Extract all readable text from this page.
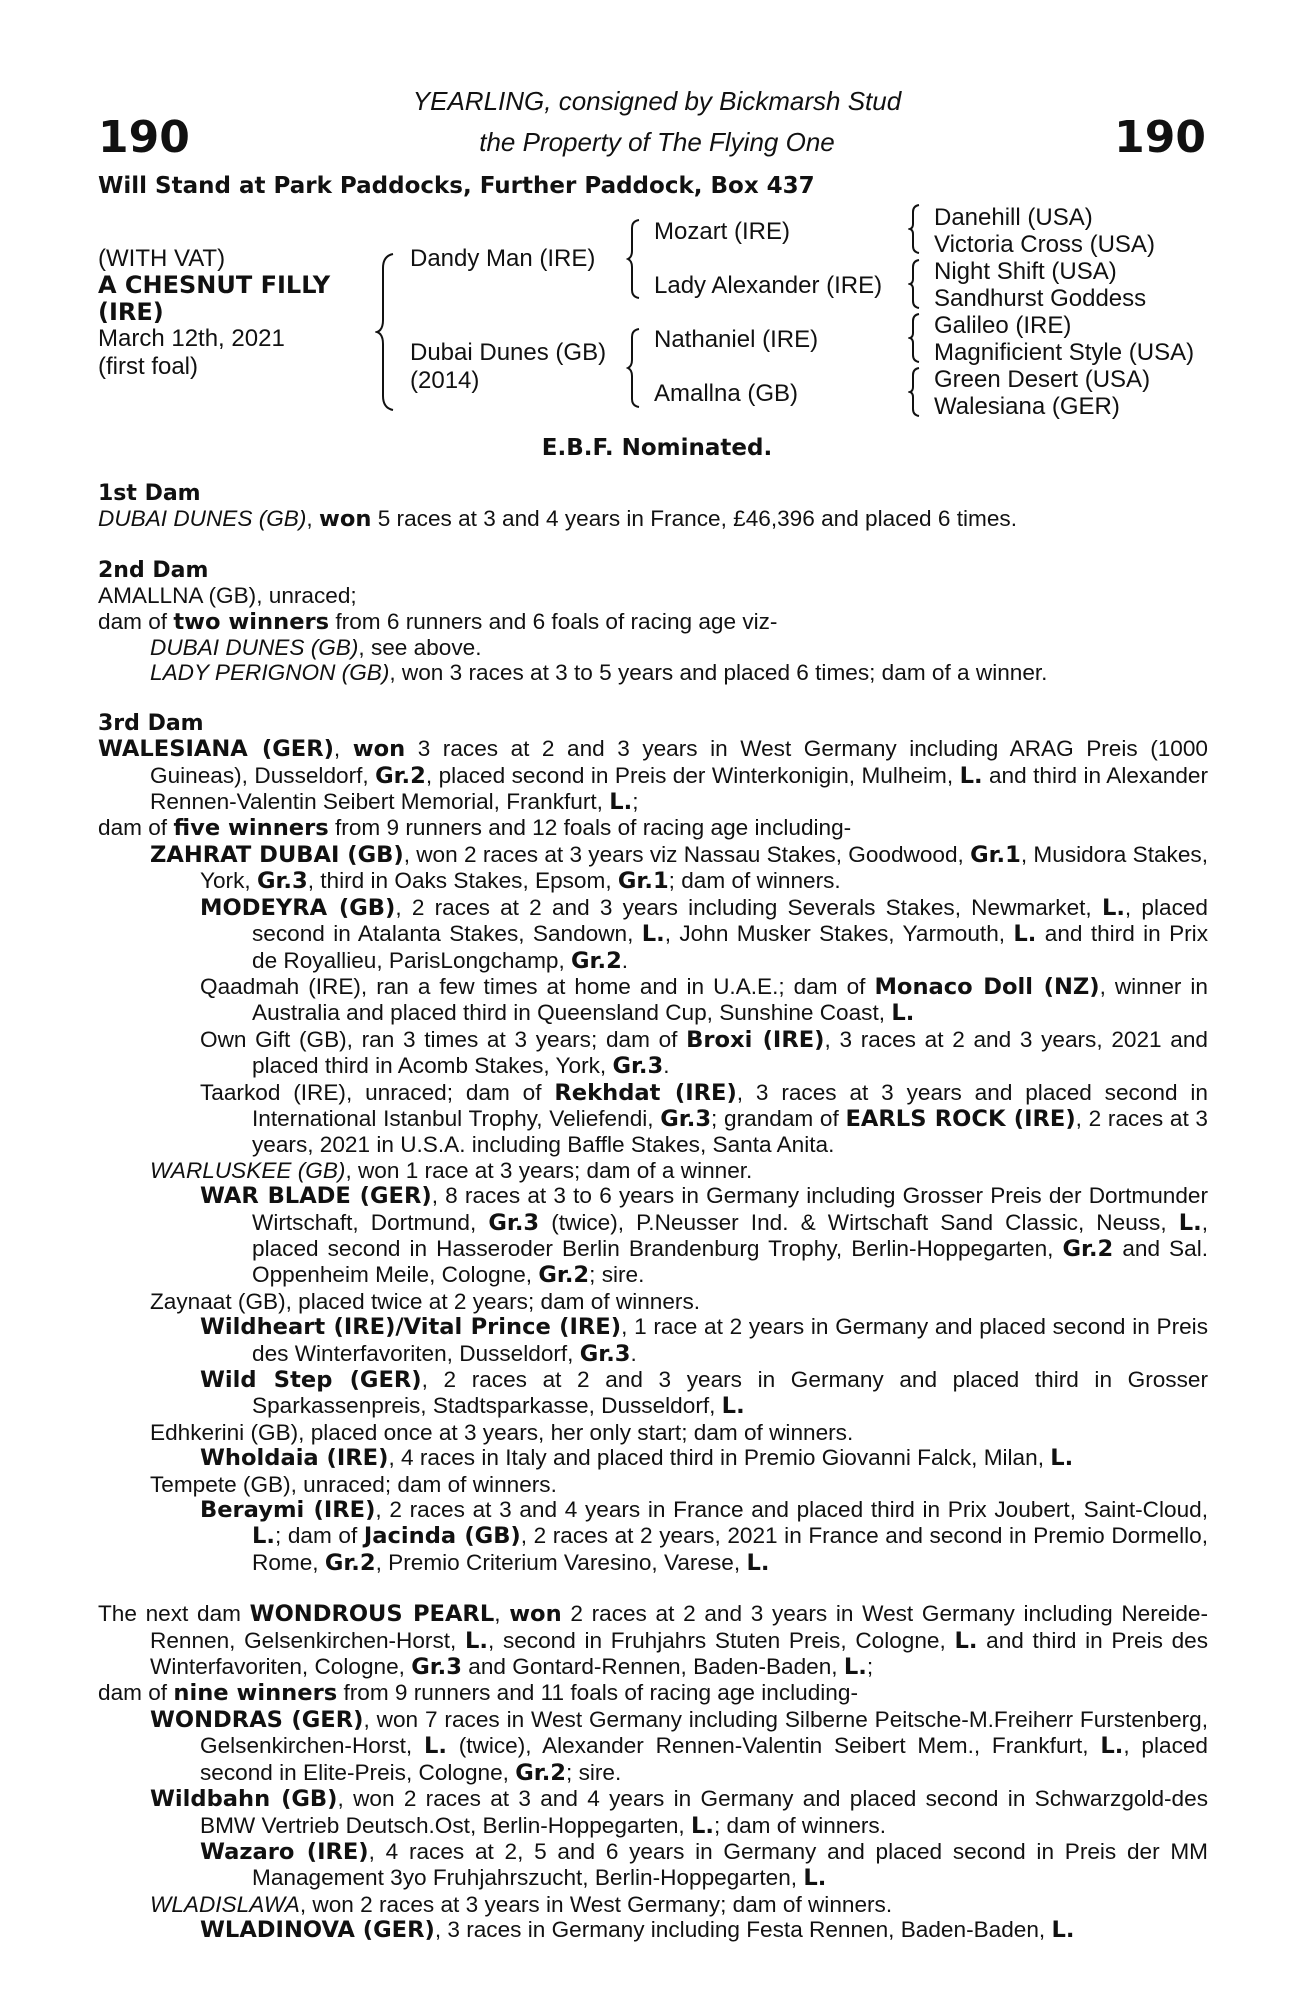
190	190
YEARLING, consigned by Bickmarsh Stud
the Property of The Flying One
Will Stand at Park Paddocks, Further Paddock, Box 437
(WITH VAT)
A CHESNUT FILLY
(IRE)
March 12th, 2021
(first foal)
Dandy Man (IRE)
Dubai Dunes (GB)
(2014)
Mozart (IRE)
Lady Alexander (IRE)
Nathaniel (IRE)
Amallna (GB)
Danehill (USA)
Victoria Cross (USA)
Night Shift (USA)
Sandhurst Goddess
Galileo (IRE)
Magnificient Style (USA)
Green Desert (USA)
Walesiana (GER)
E.B.F. Nominated.
1st Dam
DUBAI DUNES (GB), won 5 races at 3 and 4 years in France, £46,396 and placed 6 times.
2nd Dam
AMALLNA (GB), unraced;
dam of two winners from 6 runners and 6 foals of racing age viz-
DUBAI DUNES (GB), see above.
LADY PERIGNON (GB), won 3 races at 3 to 5 years and placed 6 times; dam of a winner.
3rd Dam
WALESIANA (GER), won 3 races at 2 and 3 years in West Germany including ARAG Preis (1000 Guineas), Dusseldorf, Gr.2, placed second in Preis der Winterkonigin, Mulheim, L. and third in Alexander Rennen-Valentin Seibert Memorial, Frankfurt, L.;
dam of five winners from 9 runners and 12 foals of racing age including-
ZAHRAT DUBAI (GB), won 2 races at 3 years viz Nassau Stakes, Goodwood, Gr.1, Musidora Stakes, York, Gr.3, third in Oaks Stakes, Epsom, Gr.1; dam of winners.
MODEYRA (GB), 2 races at 2 and 3 years including Severals Stakes, Newmarket, L., placed second in Atalanta Stakes, Sandown, L., John Musker Stakes, Yarmouth, L. and third in Prix de Royallieu, ParisLongchamp, Gr.2.
Qaadmah (IRE), ran a few times at home and in U.A.E.; dam of Monaco Doll (NZ), winner in Australia and placed third in Queensland Cup, Sunshine Coast, L.
Own Gift (GB), ran 3 times at 3 years; dam of Broxi (IRE), 3 races at 2 and 3 years, 2021 and placed third in Acomb Stakes, York, Gr.3.
Taarkod (IRE), unraced; dam of Rekhdat (IRE), 3 races at 3 years and placed second in International Istanbul Trophy, Veliefendi, Gr.3; grandam of EARLS ROCK (IRE), 2 races at 3 years, 2021 in U.S.A. including Baffle Stakes, Santa Anita.
WARLUSKEE (GB), won 1 race at 3 years; dam of a winner.
WAR BLADE (GER), 8 races at 3 to 6 years in Germany including Grosser Preis der Dortmunder Wirtschaft, Dortmund, Gr.3 (twice), P.Neusser Ind. & Wirtschaft Sand Classic, Neuss, L., placed second in Hasseroder Berlin Brandenburg Trophy, Berlin-Hoppegarten, Gr.2 and Sal. Oppenheim Meile, Cologne, Gr.2; sire.
Zaynaat (GB), placed twice at 2 years; dam of winners.
Wildheart (IRE)/Vital Prince (IRE), 1 race at 2 years in Germany and placed second in Preis des Winterfavoriten, Dusseldorf, Gr.3.
Wild Step (GER), 2 races at 2 and 3 years in Germany and placed third in Grosser Sparkassenpreis, Stadtsparkasse, Dusseldorf, L.
Edhkerini (GB), placed once at 3 years, her only start; dam of winners.
Wholdaia (IRE), 4 races in Italy and placed third in Premio Giovanni Falck, Milan, L.
Tempete (GB), unraced; dam of winners.
Beraymi (IRE), 2 races at 3 and 4 years in France and placed third in Prix Joubert, Saint-Cloud, L.; dam of Jacinda (GB), 2 races at 2 years, 2021 in France and second in Premio Dormello, Rome, Gr.2, Premio Criterium Varesino, Varese, L.
The next dam WONDROUS PEARL, won 2 races at 2 and 3 years in West Germany including Nereide-Rennen, Gelsenkirchen-Horst, L., second in Fruhjahrs Stuten Preis, Cologne, L. and third in Preis des Winterfavoriten, Cologne, Gr.3 and Gontard-Rennen, Baden-Baden, L.;
dam of nine winners from 9 runners and 11 foals of racing age including-
WONDRAS (GER), won 7 races in West Germany including Silberne Peitsche-M.Freiherr Furstenberg, Gelsenkirchen-Horst, L. (twice), Alexander Rennen-Valentin Seibert Mem., Frankfurt, L., placed second in Elite-Preis, Cologne, Gr.2; sire.
Wildbahn (GB), won 2 races at 3 and 4 years in Germany and placed second in Schwarzgold-des BMW Vertrieb Deutsch.Ost, Berlin-Hoppegarten, L.; dam of winners.
Wazaro (IRE), 4 races at 2, 5 and 6 years in Germany and placed second in Preis der MM Management 3yo Fruhjahrszucht, Berlin-Hoppegarten, L.
WLADISLAWA, won 2 races at 3 years in West Germany; dam of winners.
WLADINOVA (GER), 3 races in Germany including Festa Rennen, Baden-Baden, L.
